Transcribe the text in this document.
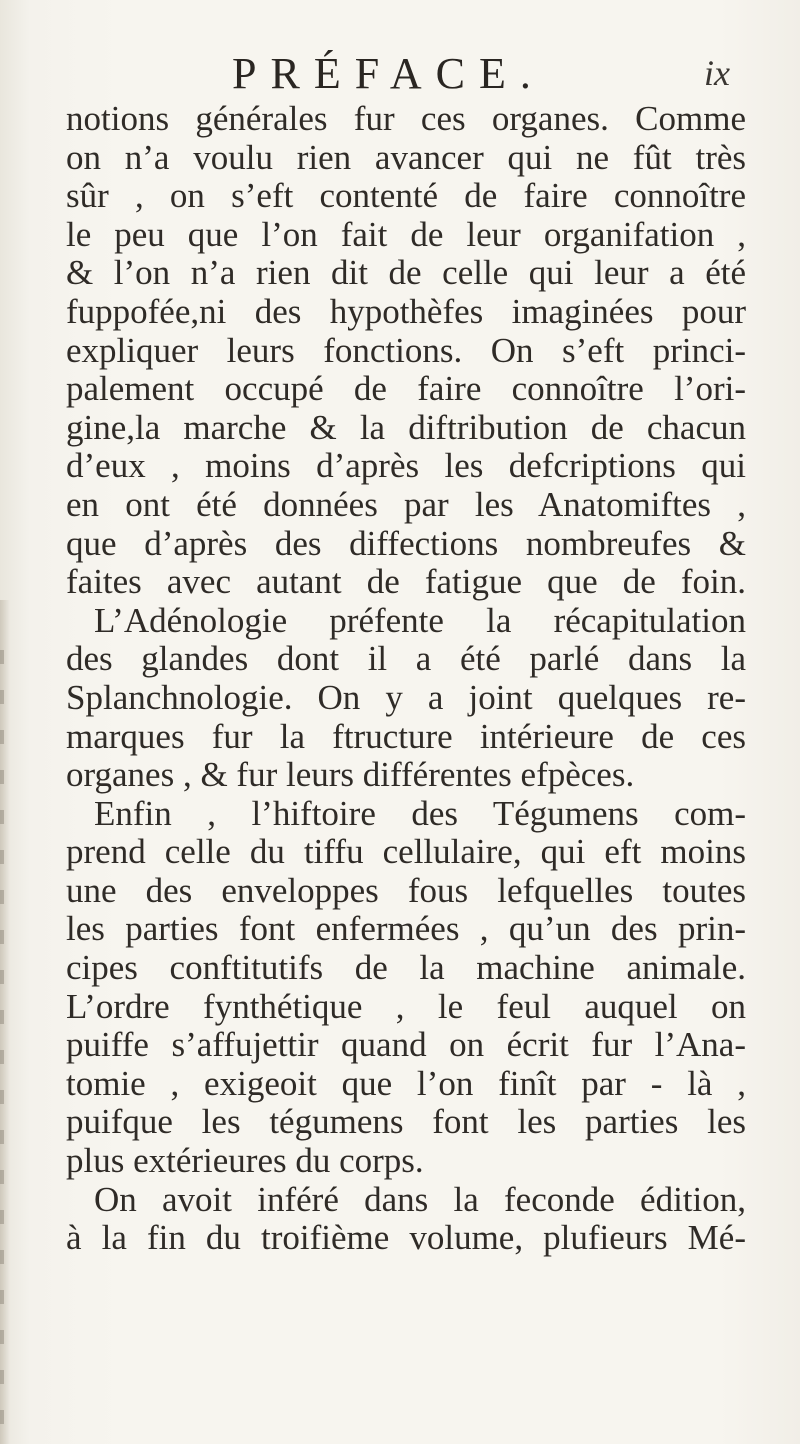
PRÉFACE.	ix
notions générales fur ces organes. Comme
on n’a voulu rien avancer qui ne fût très
sûr , on s’eft contenté de faire connoître
le peu que l’on fait de leur organifation ,
& l’on n’a rien dit de celle qui leur a été
fuppofée,ni des hypothèfes imaginées pour
expliquer leurs fonctions. On s’eft princi-
palement occupé de faire connoître l’ori-
gine,la marche & la diftribution de chacun
d’eux , moins d’après les defcriptions qui
en ont été données par les Anatomiftes ,
que d’après des diffections nombreufes &
faites avec autant de fatigue que de foin.
L’Adénologie préfente la récapitulation
des glandes dont il a été parlé dans la
Splanchnologie. On y a joint quelques re-
marques fur la ftructure intérieure de ces
organes , & fur leurs différentes efpèces.
Enfin , l’hiftoire des Tégumens com-
prend celle du tiffu cellulaire, qui eft moins
une des enveloppes fous lefquelles toutes
les parties font enfermées , qu’un des prin-
cipes conftitutifs de la machine animale.
L’ordre fynthétique , le feul auquel on
puiffe s’affujettir quand on écrit fur l’Ana-
tomie , exigeoit que l’on finît par - là ,
puifque les tégumens font les parties les
plus extérieures du corps.
On avoit inféré dans la feconde édition,
à la fin du troifième volume, plufieurs Mé-
